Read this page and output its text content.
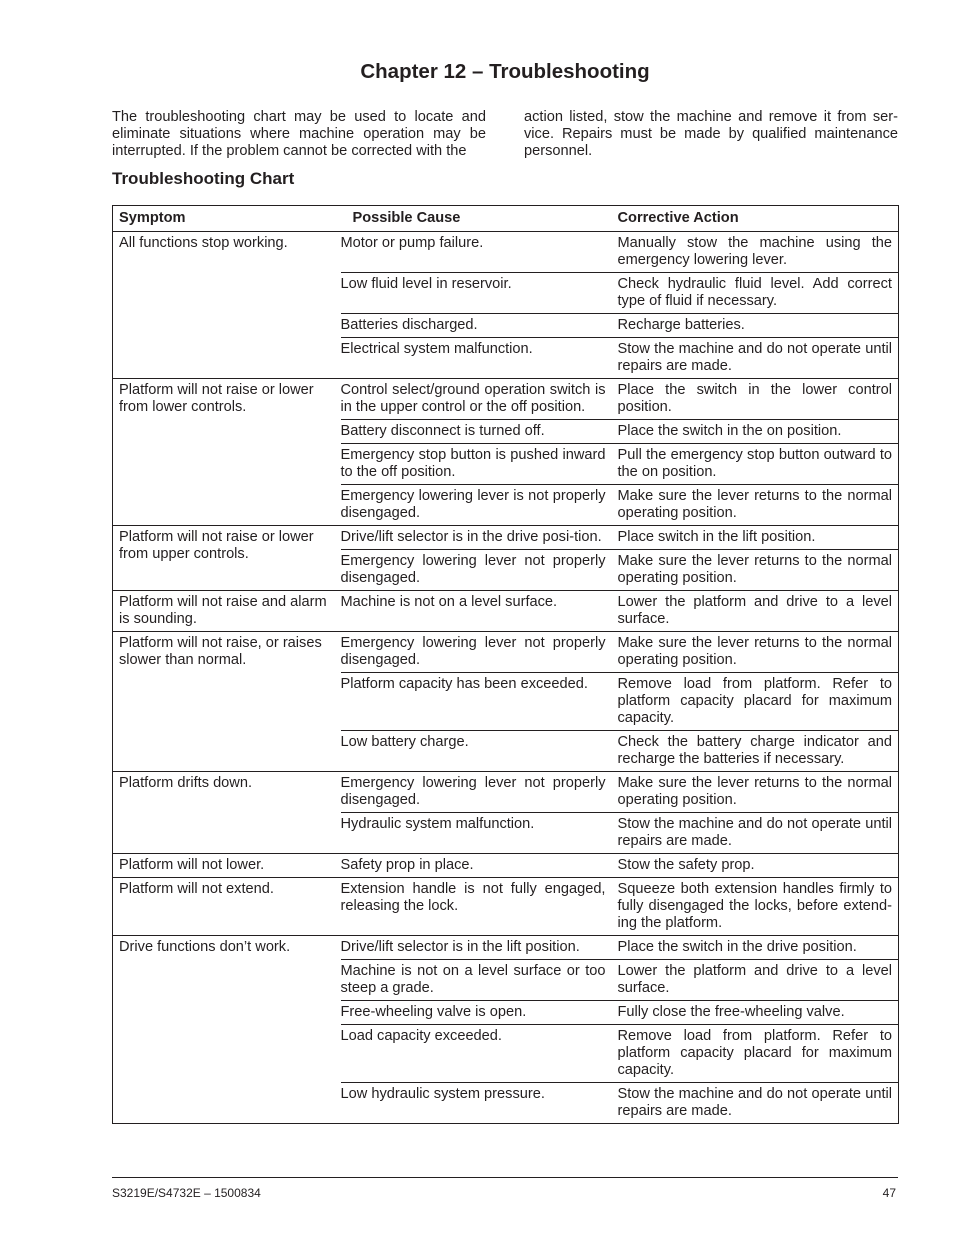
Chapter 12 – Troubleshooting

The troubleshooting chart may be used to locate and eliminate situations where machine operation may be interrupted. If the problem cannot be corrected with the

action listed, stow the machine and remove it from ser-vice. Repairs must be made by qualified maintenance personnel.

Troubleshooting Chart
Symptom	Possible Cause	Corrective Action
All functions stop working.	Motor or pump failure.	Manually stow the machine using the emergency lowering lever.
	Low fluid level in reservoir.	Check hydraulic fluid level. Add correct type of fluid if necessary.
	Batteries discharged.	Recharge batteries.
	Electrical system malfunction.	Stow the machine and do not operate until repairs are made.
Platform will not raise or lower from lower controls.	Control select/ground operation switch is in the upper control or the off position.	Place the switch in the lower control position.
	Battery disconnect is turned off.	Place the switch in the on position.
	Emergency stop button is pushed inward to the off position.	Pull the emergency stop button outward to the on position.
	Emergency lowering lever is not properly disengaged.	Make sure the lever returns to the normal operating position.
Platform will not raise or lower from upper controls.	Drive/lift selector is in the drive posi-tion.	Place switch in the lift position.
	Emergency lowering lever not properly disengaged.	Make sure the lever returns to the normal operating position.
Platform will not raise and alarm is sounding.	Machine is not on a level surface.	Lower the platform and drive to a level surface.
Platform will not raise, or raises slower than normal.	Emergency lowering lever not properly disengaged.	Make sure the lever returns to the normal operating position.
	Platform capacity has been exceeded.	Remove load from platform. Refer to platform capacity placard for maximum capacity.
	Low battery charge.	Check the battery charge indicator and recharge the batteries if necessary.
Platform drifts down.	Emergency lowering lever not properly disengaged.	Make sure the lever returns to the normal operating position.
	Hydraulic system malfunction.	Stow the machine and do not operate until repairs are made.
Platform will not lower.	Safety prop in place.	Stow the safety prop.
Platform will not extend.	Extension handle is not fully engaged, releasing the lock.	Squeeze both extension handles firmly to fully disengaged the locks, before extend-ing the platform.
Drive functions don’t work.	Drive/lift selector is in the lift position.	Place the switch in the drive position.
	Machine is not on a level surface or too steep a grade.	Lower the platform and drive to a level surface.
	Free-wheeling valve is open.	Fully close the free-wheeling valve.
	Load capacity exceeded.	Remove load from platform. Refer to platform capacity placard for maximum capacity.
	Low hydraulic system pressure.	Stow the machine and do not operate until repairs are made.
S3219E/S4732E – 1500834	47
